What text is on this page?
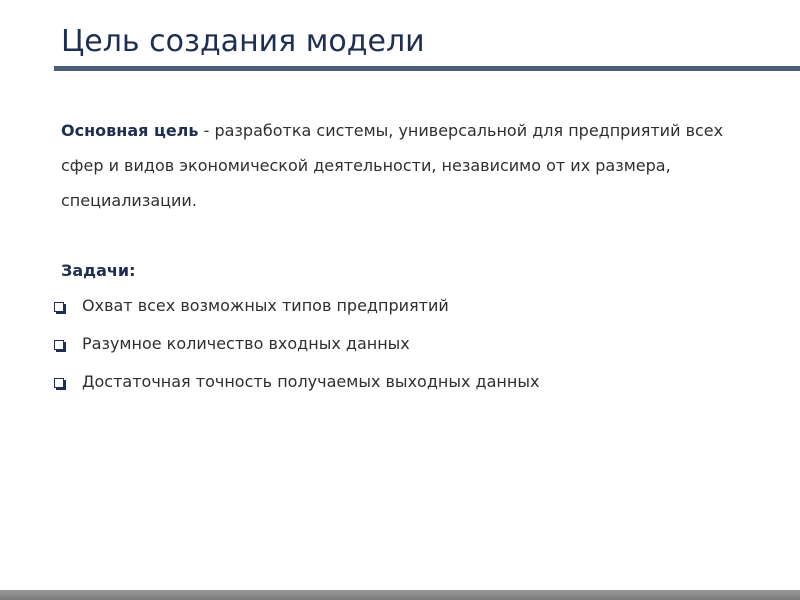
Цель создания модели

Основная цель - разработка системы, универсальной для предприятий всех сфер и видов экономической деятельности, независимо от их размера, специализации.

Задачи:

Охват всех возможных типов предприятий
Разумное количество входных данных
Достаточная точность получаемых выходных данных
